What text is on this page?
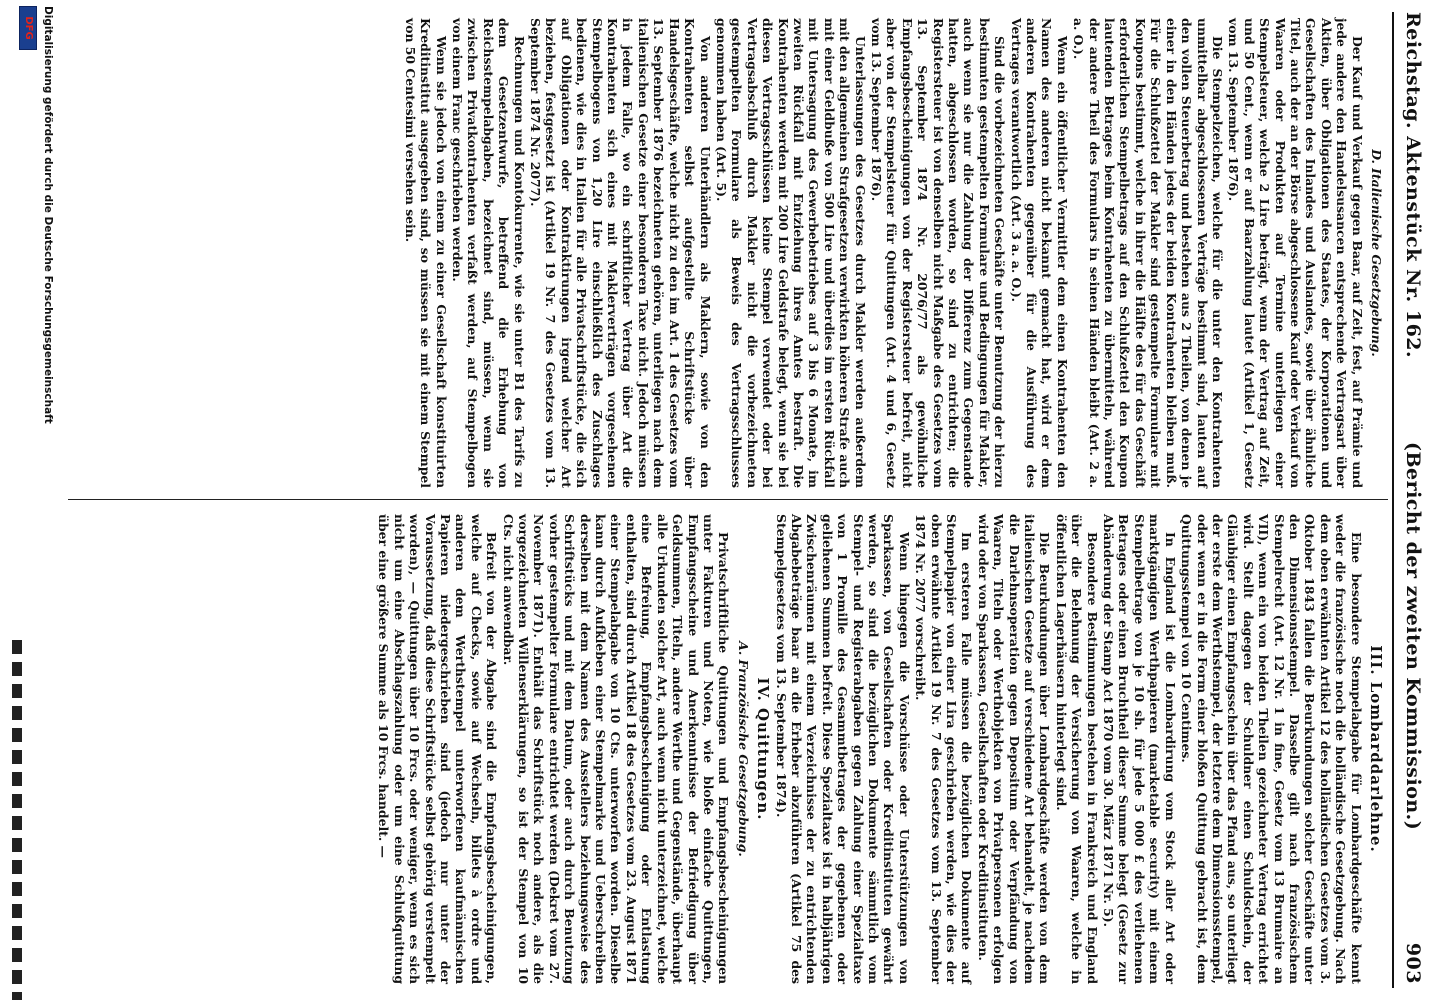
Reichstag. Aktenstück Nr. 162.
(Bericht der zweiten Kommission.)
903
D. Italienische Gesetzgebung.

Der Kauf und Verkauf gegen Baar, auf Zeit, fest, auf Prämie und jede andere den Handelsusancen entsprechende Vertragsart über Aktien, über Obligationen des Staates, der Korporationen und Gesellschaften des Inlandes und Auslandes, sowie über ähnliche Titel, auch der an der Börse abgeschlossene Kauf oder Verkauf von Waaren oder Produkten auf Termine unterliegen einer Stempelsteuer, welche 2 Lire beträgt, wenn der Vertrag auf Zeit, und 50 Cent., wenn er auf Baarzahlung lautet (Artikel 1, Gesetz vom 13. September 1876).

Die Stempelzeichen, welche für die unter den Kontrahenten unmittelbar abgeschlossenen Verträge bestimmt sind, lauten auf den vollen Steuerbetrag und bestehen aus 2 Theilen, von denen je einer in den Händen jedes der beiden Kontrahenten bleiben muß. Für die Schlußzettel der Makler sind gestempelte Formulare mit Koupons bestimmt, welche in ihrer die Hälfte des für das Geschäft erforderlichen Stempelbetrags auf den Schlußzettel den Koupon lautenden Betrages beim Kontrahenten zu übermitteln, während der andere Theil des Formulars in seinen Händen bleibt (Art. 2 a. a. O.).

Wenn ein öffentlicher Vermittler dem einen Kontrahenten den Namen des anderen nicht bekannt gemacht hat, wird er dem anderen Kontrahenten gegenüber für die Ausführung des Vertrages verantwortlich (Art. 3 a. a. O.).

Sind die vorbezeichneten Geschäfte unter Benutzung der hierzu bestimmten gestempelten Formulare und Bedingungen für Makler, auch wenn sie nur die Zahlung der Differenz zum Gegenstande hatten, abgeschlossen worden, so sind zu entrichten; die Registersteuer ist von denselben nicht Maßgabe des Gesetzes vom 13. September 1874 Nr. 2076/77 als gewöhnliche Empfangsbescheinigungen von der Registersteuer befreit, nicht aber von der Stempelsteuer für Quittungen (Art. 4 und 6, Gesetz vom 13. September 1876).

Unterlassungen des Gesetzes durch Makler werden außerdem mit den allgemeinen Strafgesetzen verwirkten höheren Strafe auch mit einer Geldbuße von 500 Lire und überdies im ersten Rückfall mit Untersagung des Gewerbebetriebes auf 3 bis 6 Monate, im zweiten Rückfall mit Entziehung ihres Amtes bestraft. Die Kontrahenten werden mit 200 Lire Geldstrafe belegt, wenn sie bei diesen Vertragsschlüssen keine Stempel verwendet oder bei Vertragsabschluß durch Makler nicht die vorbezeichneten gestempelten Formulare als Beweis des Vertragsschlusses genommen haben (Art. 5).

Von anderen Unterhändlern als Maklern, sowie von den Kontrahenten selbst aufgestellte Schriftstücke über Handelsgeschäfte, welche nicht zu den im Art. 1 des Gesetzes vom 13. September 1876 bezeichneten gehören, unterliegen nach dem italienischen Gesetze einer besonderen Taxe nicht. Jedoch müssen in jedem Falle, wo ein schriftlicher Vertrag über Art die Kontrahenten sich eines mit Maklerverträgen vorgesehenen Stempelbogens von 1,20 Lire einschließlich des Zuschlages bedienen, wie dies in Italien für alle Privatschriftstücke, die sich auf Obligationen oder Kontraktirungen irgend welcher Art beziehen, festgesetzt ist (Artikel 19 Nr. 7 des Gesetzes vom 13. September 1874 Nr. 2077).

Rechnungen und Kontokurrente, wie sie unter B1 des Tarifs zu dem Gesetzentwurfe, betreffend die Erhebung von Reichsstempelabgaben, bezeichnet sind, müssen, wenn sie zwischen Privatkontrahenten verfaßt werden, auf Stempelbogen von einem Franc geschrieben werden.

Wenn sie jedoch von einem zu einer Gesellschaft konstituirten Kreditinstitut ausgegeben sind, so müssen sie mit einem Stempel von 50 Centesimi versehen sein.

III. Lombarddarlehne.

Eine besondere Stempelabgabe für Lombardgeschäfte kennt weder die französische noch die holländische Gesetzgebung. Nach dem oben erwähnten Artikel 12 des holländischen Gesetzes vom 3. Oktober 1843 fallen die Beurkundungen solcher Geschäfte unter den Dimensionsstempel. Dasselbe gilt nach französischem Stempelrecht (Art. 12 Nr. 1 in fine, Gesetz vom 13 Brumaire an VII), wenn ein von beiden Theilen gezeichneter Vertrag errichtet wird. Stellt dagegen der Schuldner einen Schuldschein, der Gläubiger einen Empfangsschein über das Pfand aus, so unterliegt der erste dem Werthstempel, der letztere dem Dimensionsstempel, oder wenn er in die Form einer bloßen Quittung gebracht ist, dem Quittungsstempel von 10 Centimes.

In England ist die Lombardirung vom Stock aller Art oder marktgängigen Werthpapieren (marketable security) mit einem Stempelbetrage von je 10 sh. für jede 5 000 £ des verliehenen Betrages oder einen Bruchtheil dieser Summe belegt (Gesetz zur Abänderung der Stamp Act 1870 vom 30. März 1871 Nr. 5).

Besondere Bestimmungen bestehen in Frankreich und England über die Belehnung der Versicherung von Waaren, welche in öffentlichen Lagerhäusern hinterlegt sind.

Die Beurkundungen über Lombardgeschäfte werden von dem italienischen Gesetze auf verschiedene Art behandelt, je nachdem die Darlehnsoperation gegen Depositum oder Verpfändung von Waaren, Titeln oder Werthobjekten von Privatpersonen erfolgen wird oder von Sparkassen, Gesellschaften oder Kreditinstituten.

Im ersteren Falle müssen die bezüglichen Dokumente auf Stempelpapier von einer Lira geschrieben werden, wie dies der oben erwähnte Artikel 19 Nr. 7 des Gesetzes vom 13. September 1874 Nr. 2077 vorschreibt.

Wenn hingegen die Vorschüsse oder Unterstützungen von Sparkassen, von Gesellschaften oder Kreditinstituten gewährt werden, so sind die bezüglichen Dokumente sämmtlich vom Stempel- und Registerabgaben gegen Zahlung einer Spezialtaxe von 1 Promille des Gesammtbetrages der gegebenen oder geliehenen Summen befreit. Diese Spezialtaxe ist in halbjährigen Zwischenräumen mit einem Verzeichnisse der zu entrichtenden Abgabebeträge baar an die Erheber abzuführen (Artikel 75 des Stempelgesetzes vom 13. September 1874).

IV. Quittungen.
A. Französische Gesetzgebung.

Privatschriftliche Quittungen und Empfangsbescheinigungen unter Fakturen und Noten, wie bloße einfache Quittungen, Empfangsscheine und Anerkenntnisse der Befriedigung über Geldsummen, Titeln, andere Werthe und Gegenstände, überhaupt alle Urkunden solcher Art, auch wenn nicht unterzeichnet, welche eine Befreiung, Empfangsbescheinigung oder Entlastung enthalten, sind durch Artikel 18 des Gesetzes vom 23. August 1871 einer Stempelabgabe von 10 Cts. unterworfen worden. Dieselbe kann durch Aufkleben einer Stempelmarke und Ueberschreiben derselben mit dem Namen des Ausstellers beziehungsweise des Schriftstücks und mit dem Datum, oder auch durch Benutzung vorher gestempelter Formulare entrichtet werden (Dekret vom 27. November 1871). Enthält das Schriftstück noch andere, als die vorgezeichneten Willenserklärungen, so ist der Stempel von 10 Cts. nicht anwendbar.

Befreit von der Abgabe sind die Empfangsbescheinigungen, welche auf Checks, sowie auf Wechseln, billets à ordre und anderen dem Werthstempel unterworfenen kaufmännischen Papieren niedergeschrieben sind (jedoch nur unter der Voraussetzung, daß diese Schriftstücke selbst gehörig verstempelt worden), — Quittungen über 10 Frcs. oder weniger, wenn es sich nicht um eine Abschlagszahlung oder um eine Schlußquittung über eine größere Summe als 10 Frcs. handelt. —

Digitalisierung gefördert durch die Deutsche Forschungsgemeinschaft
DFG
